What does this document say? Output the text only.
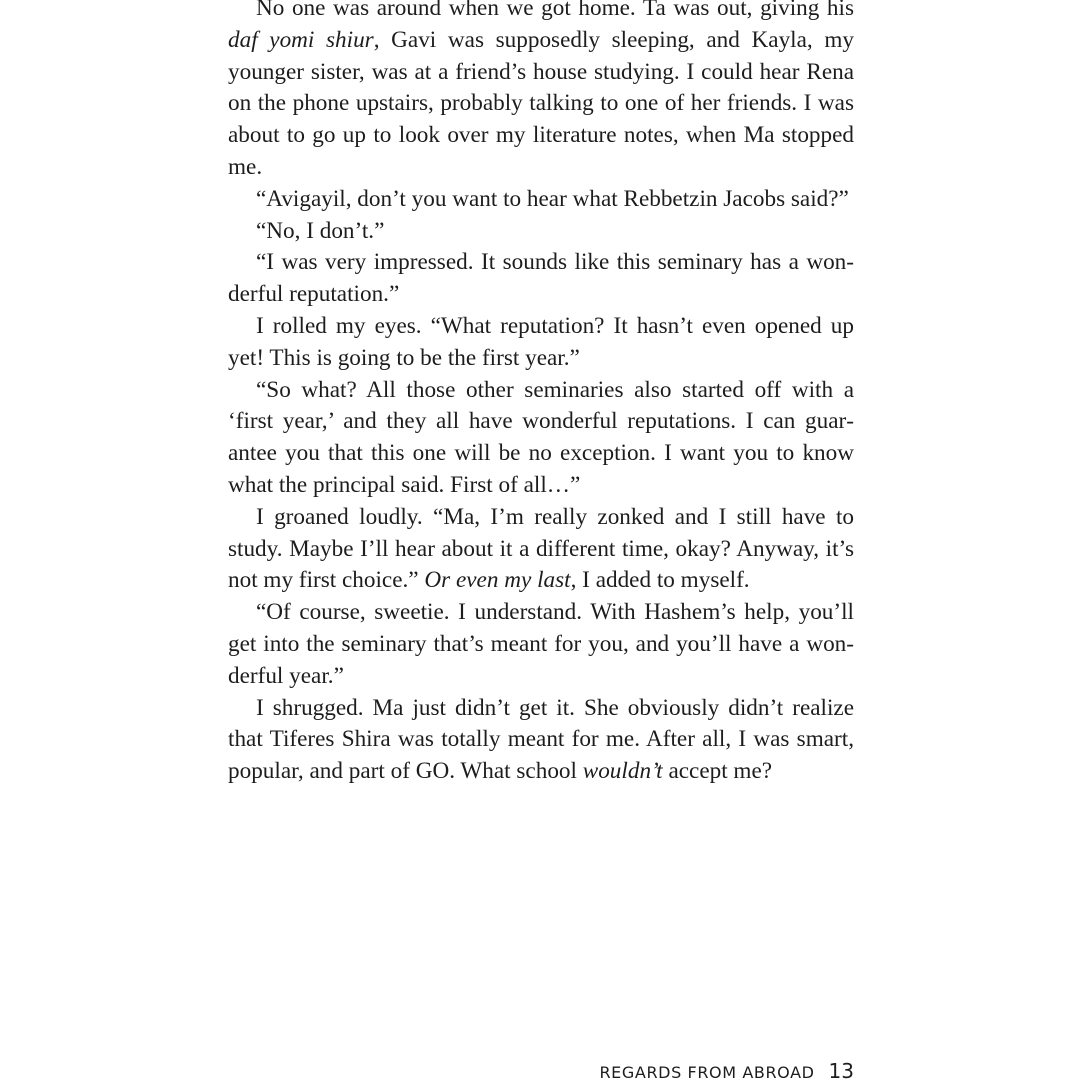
No one was around when we got home. Ta was out, giving his daf yomi shiur, Gavi was supposedly sleeping, and Kayla, my younger sister, was at a friend’s house studying. I could hear Rena on the phone upstairs, probably talking to one of her friends. I was about to go up to look over my literature notes, when Ma stopped me.

“Avigayil, don’t you want to hear what Rebbetzin Jacobs said?”

“No, I don’t.”

“I was very impressed. It sounds like this seminary has a wonderful reputation.”

I rolled my eyes. “What reputation? It hasn’t even opened up yet! This is going to be the first year.”

“So what? All those other seminaries also started off with a ‘first year,’ and they all have wonderful reputations. I can guarantee you that this one will be no exception. I want you to know what the principal said. First of all…”

I groaned loudly. “Ma, I’m really zonked and I still have to study. Maybe I’ll hear about it a different time, okay? Anyway, it’s not my first choice.” Or even my last, I added to myself.

“Of course, sweetie. I understand. With Hashem’s help, you’ll get into the seminary that’s meant for you, and you’ll have a wonderful year.”

I shrugged. Ma just didn’t get it. She obviously didn’t realize that Tiferes Shira was totally meant for me. After all, I was smart, popular, and part of GO. What school wouldn’t accept me?

REGARDS FROM ABROAD 13
